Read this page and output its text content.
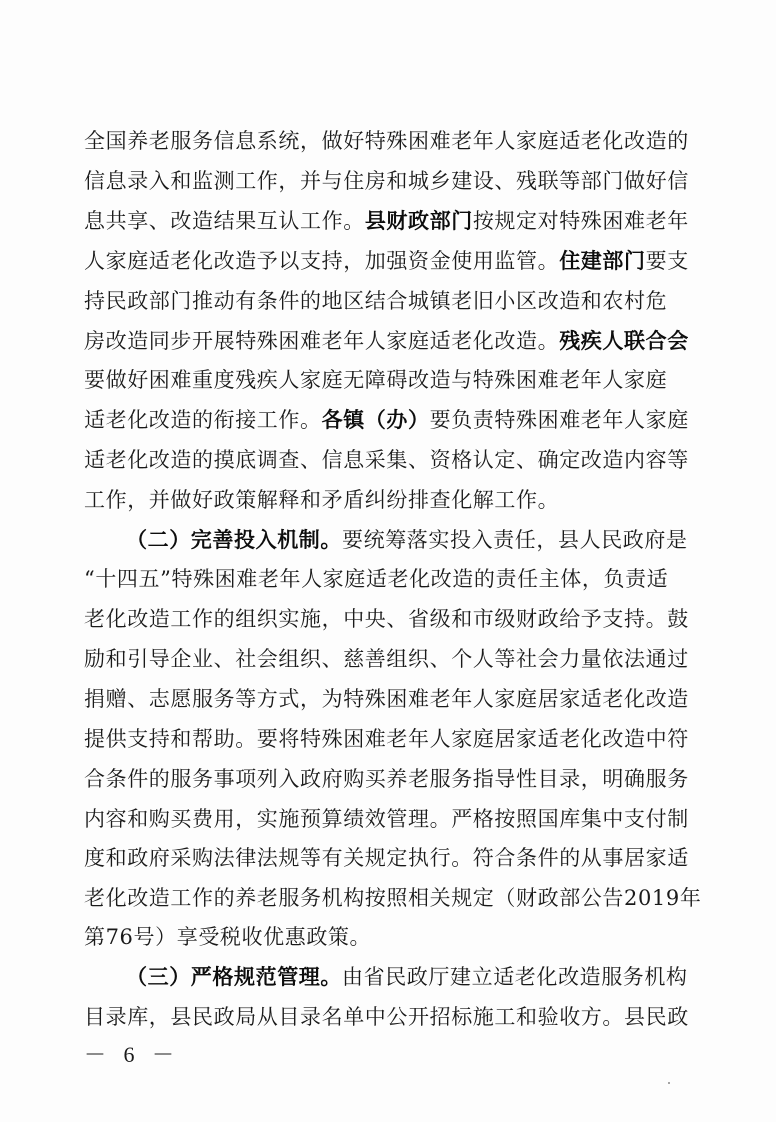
全国养老服务信息系统，做好特殊困难老年人家庭适老化改造的
信息录入和监测工作，并与住房和城乡建设、残联等部门做好信
息共享、改造结果互认工作。县财政部门按规定对特殊困难老年
人家庭适老化改造予以支持，加强资金使用监管。住建部门要支
持民政部门推动有条件的地区结合城镇老旧小区改造和农村危
房改造同步开展特殊困难老年人家庭适老化改造。残疾人联合会
要做好困难重度残疾人家庭无障碍改造与特殊困难老年人家庭
适老化改造的衔接工作。各镇（办）要负责特殊困难老年人家庭
适老化改造的摸底调查、信息采集、资格认定、确定改造内容等
工作，并做好政策解释和矛盾纠纷排查化解工作。
（二）完善投入机制。要统筹落实投入责任，县人民政府是
“十四五”特殊困难老年人家庭适老化改造的责任主体，负责适
老化改造工作的组织实施，中央、省级和市级财政给予支持。鼓
励和引导企业、社会组织、慈善组织、个人等社会力量依法通过
捐赠、志愿服务等方式，为特殊困难老年人家庭居家适老化改造
提供支持和帮助。要将特殊困难老年人家庭居家适老化改造中符
合条件的服务事项列入政府购买养老服务指导性目录，明确服务
内容和购买费用，实施预算绩效管理。严格按照国库集中支付制
度和政府采购法律法规等有关规定执行。符合条件的从事居家适
老化改造工作的养老服务机构按照相关规定（财政部公告2019年
第76号）享受税收优惠政策。
（三）严格规范管理。由省民政厅建立适老化改造服务机构
目录库，县民政局从目录名单中公开招标施工和验收方。县民政
－ 6 －
